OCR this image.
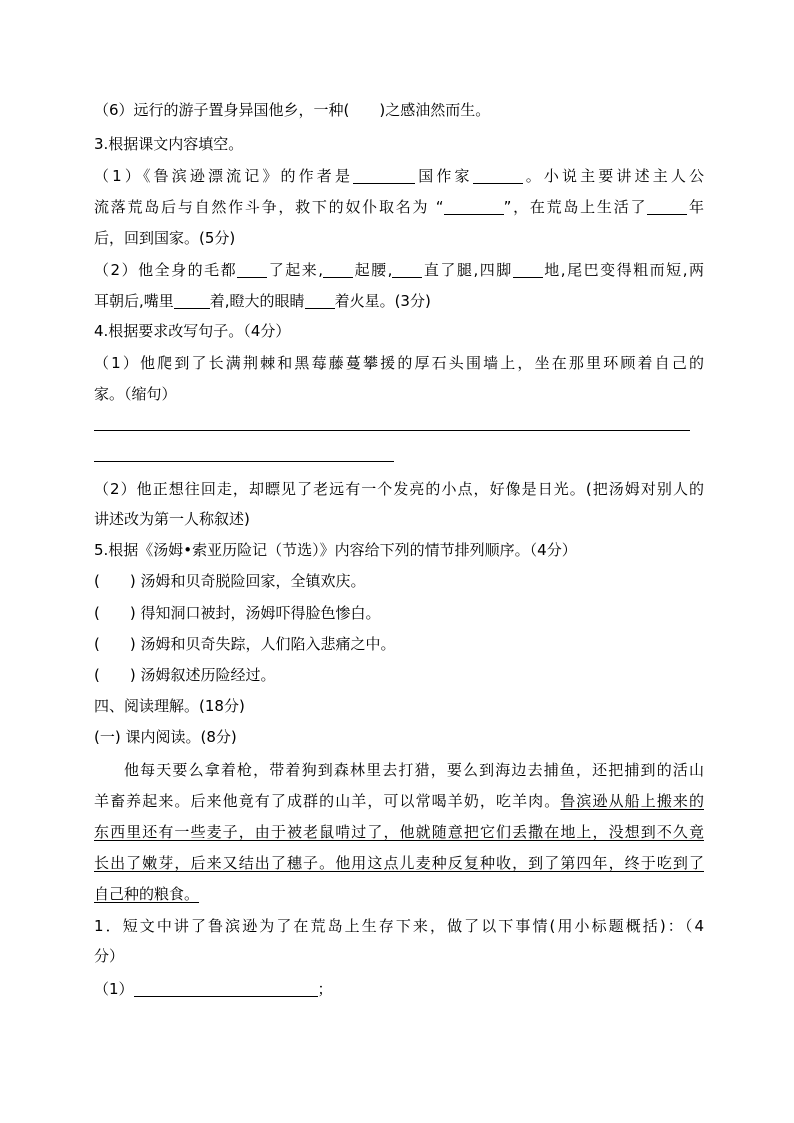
（6）远行的游子置身异国他乡，一种(　　)之感油然而生。
3.根据课文内容填空。
（1）《鲁滨逊漂流记》的作者是	国作家	。小说主要讲述主人公
流落荒岛后与自然作斗争，救下的奴仆取名为 “	”，在荒岛上生活了	年
后，回到国家。(5分)
（2）他全身的毛都 了起来, 起腰, 直了腿,四脚 地,尾巴变得粗而短,两
耳朝后,嘴里 着,瞪大的眼睛 着火星。(3分)
4.根据要求改写句子。（4分）
（1）他爬到了长满荆棘和黑莓藤蔓攀援的厚石头围墙上，坐在那里环顾着自己的
家。（缩句）
（2）他正想往回走，却瞟见了老远有一个发亮的小点，好像是日光。(把汤姆对别人的
讲述改为第一人称叙述)
5.根据《汤姆•索亚历险记（节选）》内容给下列的情节排列顺序。（4分）
(　　) 汤姆和贝奇脱险回家，全镇欢庆。
(　　) 得知洞口被封，汤姆吓得脸色惨白。
(　　) 汤姆和贝奇失踪，人们陷入悲痛之中。
(　　) 汤姆叙述历险经过。
四、阅读理解。(18分)
(一) 课内阅读。(8分)
他每天要么拿着枪，带着狗到森林里去打猎，要么到海边去捕鱼，还把捕到的活山
羊畜养起来。后来他竟有了成群的山羊，可以常喝羊奶，吃羊肉。鲁滨逊从船上搬来的
东西里还有一些麦子，由于被老鼠啃过了，他就随意把它们丢撒在地上，没想到不久竟
长出了嫩芽，后来又结出了穗子。他用这点儿麦种反复种收，到了第四年，终于吃到了
自己种的粮食。
1．短文中讲了鲁滨逊为了在荒岛上生存下来，做了以下事情(用小标题概括)：（4
分）
（1）	；
